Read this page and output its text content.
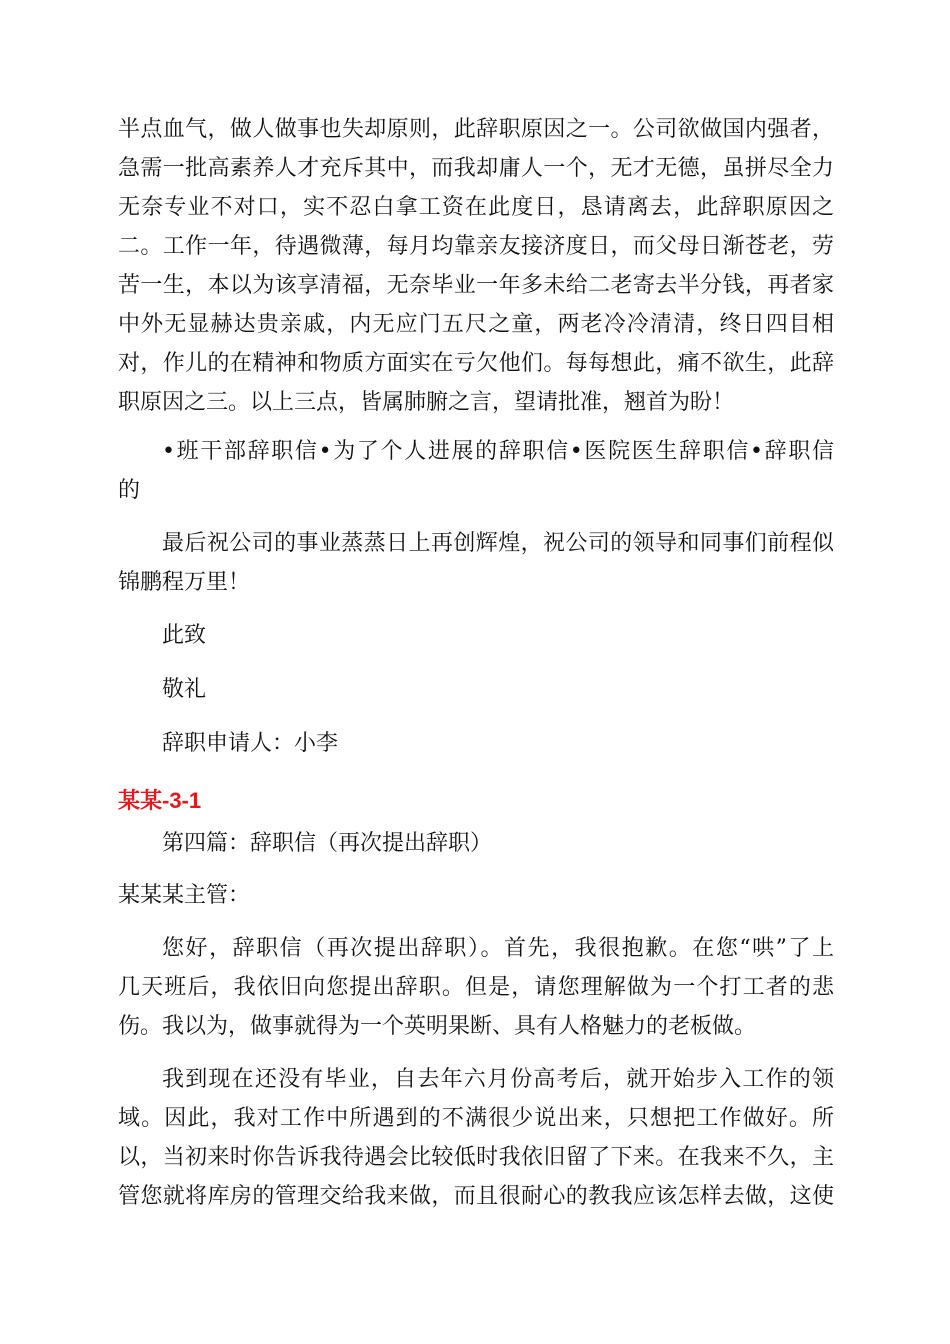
半点血气，做人做事也失却原则，此辞职原因之一。公司欲做国内强者，
急需一批高素养人才充斥其中，而我却庸人一个，无才无德，虽拼尽全力
无奈专业不对口，实不忍白拿工资在此度日，恳请离去，此辞职原因之
二。工作一年，待遇微薄，每月均靠亲友接济度日，而父母日渐苍老，劳
苦一生，本以为该享清福，无奈毕业一年多未给二老寄去半分钱，再者家
中外无显赫达贵亲戚，内无应门五尺之童，两老冷冷清清，终日四目相
对，作儿的在精神和物质方面实在亏欠他们。每每想此，痛不欲生，此辞
职原因之三。以上三点，皆属肺腑之言，望请批准，翘首为盼！

•班干部辞职信•为了个人进展的辞职信•医院医生辞职信•辞职信
的

最后祝公司的事业蒸蒸日上再创辉煌，祝公司的领导和同事们前程似
锦鹏程万里！

此致

敬礼

辞职申请人：小李

某某-3-1

第四篇：辞职信（再次提出辞职）

某某某主管：

您好，辞职信（再次提出辞职）。首先，我很抱歉。在您“哄”了上
几天班后，我依旧向您提出辞职。但是，请您理解做为一个打工者的悲
伤。我以为，做事就得为一个英明果断、具有人格魅力的老板做。

我到现在还没有毕业，自去年六月份高考后，就开始步入工作的领
域。因此，我对工作中所遇到的不满很少说出来，只想把工作做好。所
以，当初来时你告诉我待遇会比较低时我依旧留了下来。在我来不久，主
管您就将库房的管理交给我来做，而且很耐心的教我应该怎样去做，这使
